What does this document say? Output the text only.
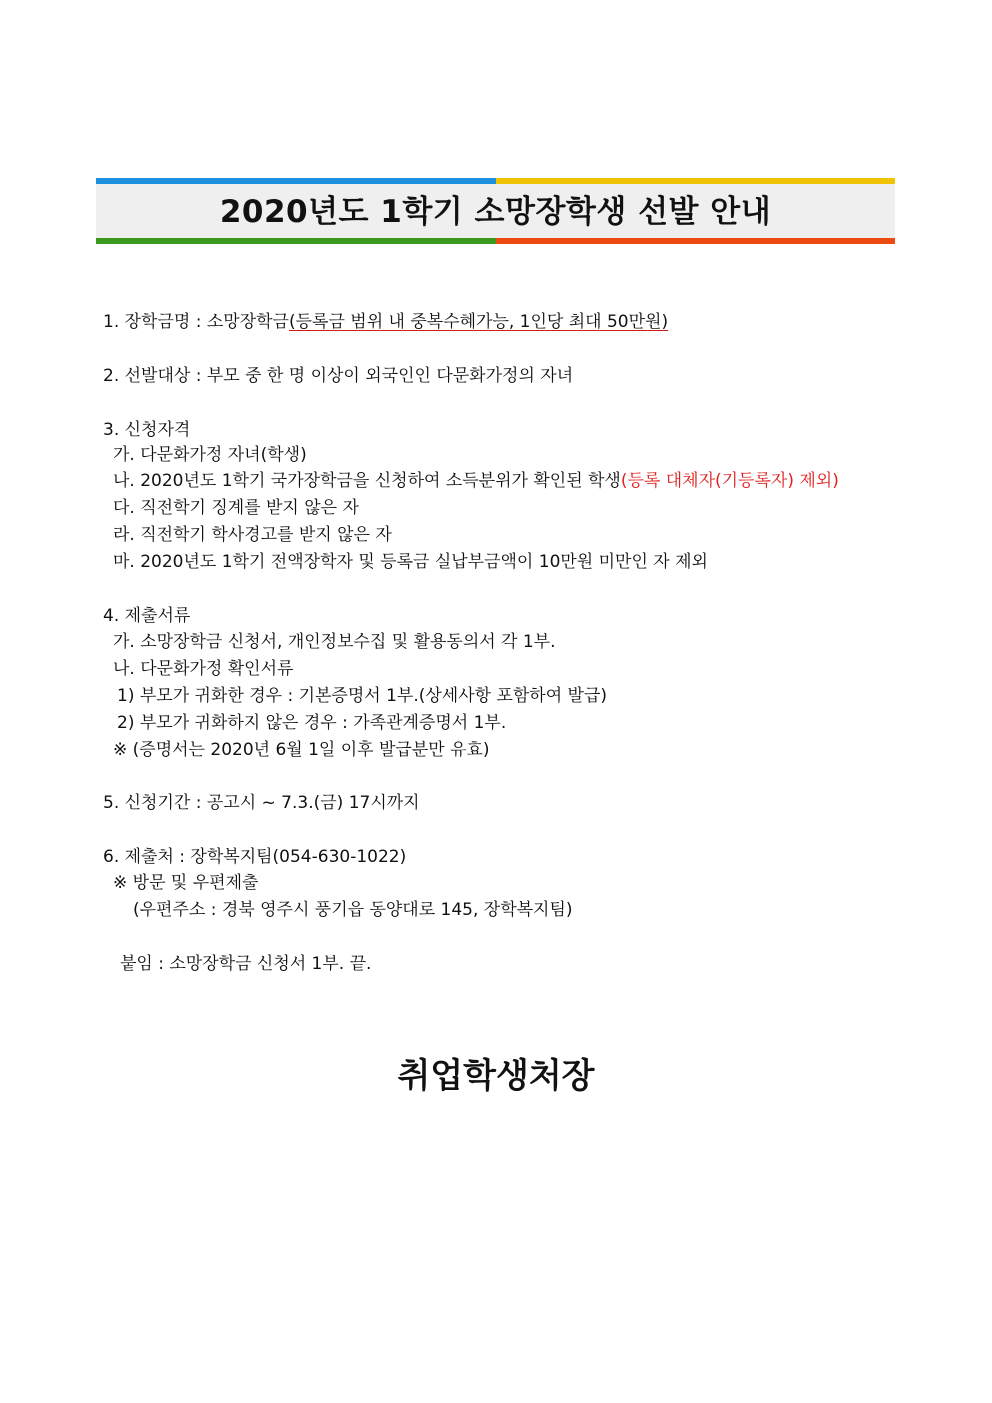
2020년도 1학기 소망장학생 선발 안내
1. 장학금명 : 소망장학금(등록금 범위 내 중복수혜가능, 1인당 최대 50만원)
2. 선발대상 : 부모 중 한 명 이상이 외국인인 다문화가정의 자녀
3. 신청자격
가. 다문화가정 자녀(학생)
나. 2020년도 1학기 국가장학금을 신청하여 소득분위가 확인된 학생(등록 대체자(기등록자) 제외)
다. 직전학기 징계를 받지 않은 자
라. 직전학기 학사경고를 받지 않은 자
마. 2020년도 1학기 전액장학자 및 등록금 실납부금액이 10만원 미만인 자 제외
4. 제출서류
가. 소망장학금 신청서, 개인정보수집 및 활용동의서 각 1부.
나. 다문화가정 확인서류
1) 부모가 귀화한 경우 : 기본증명서 1부.(상세사항 포함하여 발급)
2) 부모가 귀화하지 않은 경우 : 가족관계증명서 1부.
※ (증명서는 2020년 6월 1일 이후 발급분만 유효)
5. 신청기간 : 공고시 ~ 7.3.(금) 17시까지
6. 제출처 : 장학복지팀(054-630-1022)
※ 방문 및 우편제출
(우편주소 : 경북 영주시 풍기읍 동양대로 145, 장학복지팀)
붙임 : 소망장학금 신청서 1부. 끝.
취업학생처장
